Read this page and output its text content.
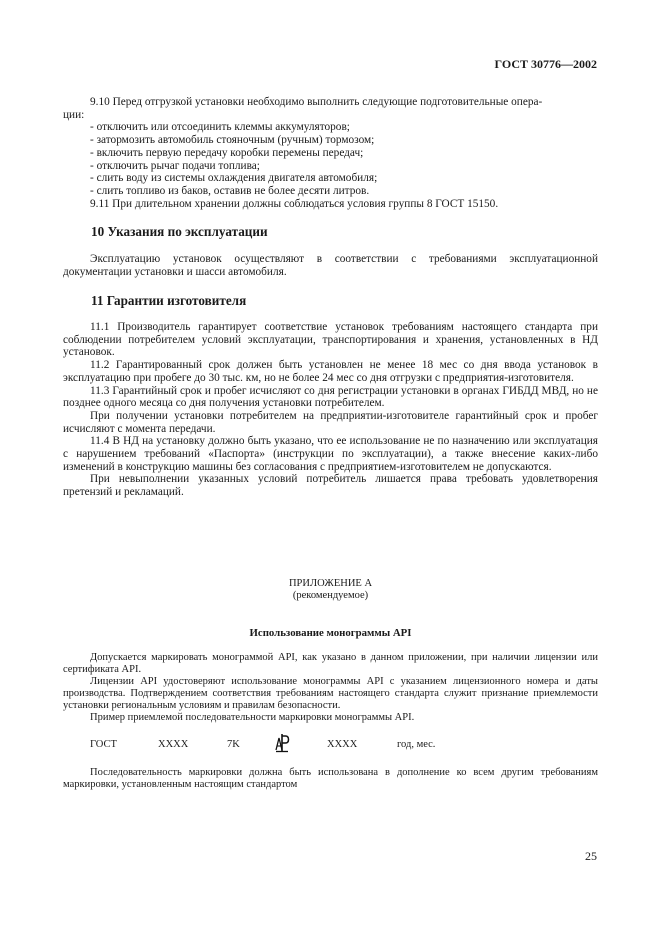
ГОСТ 30776—2002
9.10 Перед отгрузкой установки необходимо выполнить следующие подготовительные опера-
ции:
- отключить или отсоединить клеммы аккумуляторов;
- затормозить автомобиль стояночным (ручным) тормозом;
- включить первую передачу коробки перемены передач;
- отключить рычаг подачи топлива;
- слить воду из системы охлаждения двигателя автомобиля;
- слить топливо из баков, оставив не более десяти литров.
9.11 При длительном хранении должны соблюдаться условия группы 8 ГОСТ 15150.
10 Указания по эксплуатации
Эксплуатацию установок осуществляют в соответствии с требованиями эксплуатационной документации установки и шасси автомобиля.
11 Гарантии изготовителя
11.1 Производитель гарантирует соответствие установок требованиям настоящего стандарта при соблюдении потребителем условий эксплуатации, транспортирования и хранения, установленных в НД установок.
11.2 Гарантированный срок должен быть установлен не менее 18 мес со дня ввода установок в эксплуатацию при пробеге до 30 тыс. км, но не более 24 мес со дня отгрузки с предприятия-изготовителя.
11.3 Гарантийный срок и пробег исчисляют со дня регистрации установки в органах ГИБДД МВД, но не позднее одного месяца со дня получения установки потребителем.
При получении установки потребителем на предприятии-изготовителе гарантийный срок и пробег исчисляют с момента передачи.
11.4 В НД на установку должно быть указано, что ее использование не по назначению или эксплуатация с нарушением требований «Паспорта» (инструкции по эксплуатации), а также внесение каких-либо изменений в конструкцию машины без согласования с предприятием-изготовителем не допускаются.
При невыполнении указанных условий потребитель лишается права требовать удовлетворения претензий и рекламаций.
ПРИЛОЖЕНИЕ А
(рекомендуемое)
Использование монограммы API
Допускается маркировать монограммой API, как указано в данном приложении, при наличии лицензии или сертификата API.
Лицензии API удостоверяют использование монограммы API с указанием лицензионного номера и даты производства. Подтверждением соответствия требованиям настоящего стандарта служит признание приемлемости установки региональным условиям и правилам безопасности.
Пример приемлемой последовательности маркировки монограммы API.
ГОСТ	XXXX	7K	XXXX	год, мес.
Последовательность маркировки должна быть использована в дополнение ко всем другим требованиям маркировки, установленным настоящим стандартом
25
